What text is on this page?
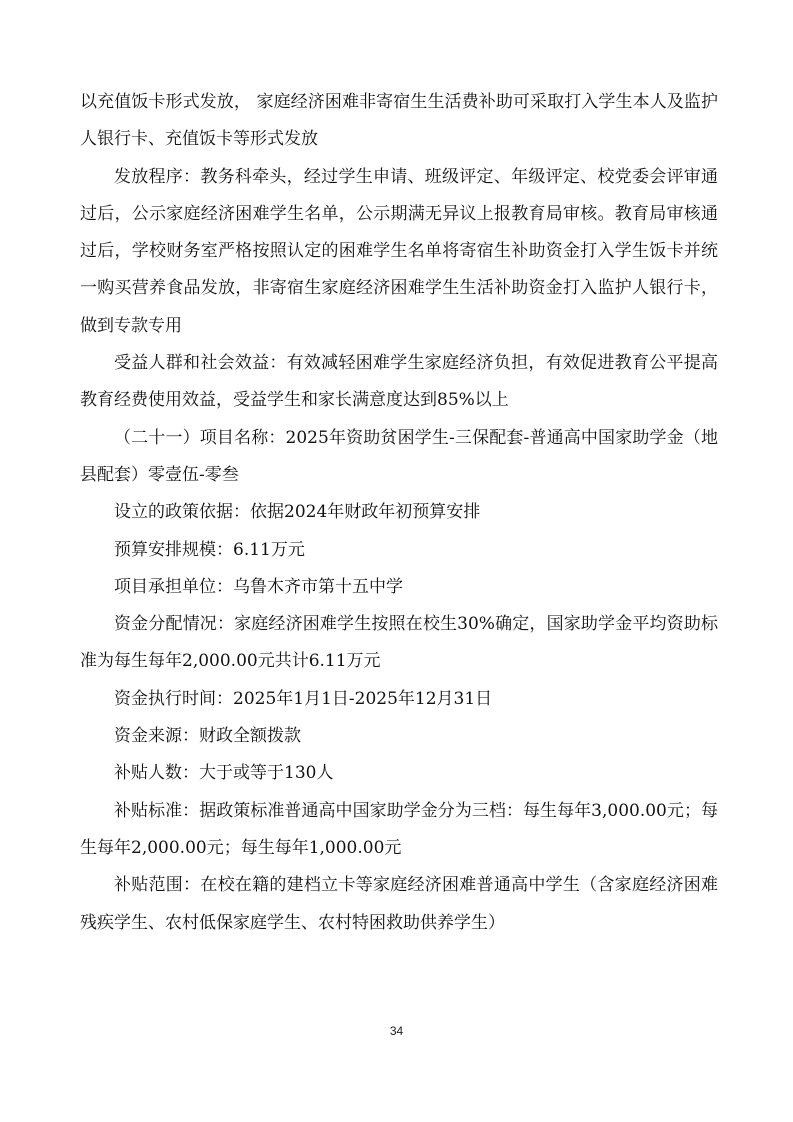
以充值饭卡形式发放， 家庭经济困难非寄宿生生活费补助可采取打入学生本人及监护人银行卡、充值饭卡等形式发放

发放程序：教务科牵头，经过学生申请、班级评定、年级评定、校党委会评审通过后，公示家庭经济困难学生名单，公示期满无异议上报教育局审核。教育局审核通过后，学校财务室严格按照认定的困难学生名单将寄宿生补助资金打入学生饭卡并统一购买营养食品发放，非寄宿生家庭经济困难学生生活补助资金打入监护人银行卡，做到专款专用

受益人群和社会效益：有效减轻困难学生家庭经济负担，有效促进教育公平提高教育经费使用效益，受益学生和家长满意度达到85%以上

（二十一）项目名称：2025年资助贫困学生-三保配套-普通高中国家助学金（地县配套）零壹伍-零叁

设立的政策依据：依据2024年财政年初预算安排

预算安排规模：6.11万元

项目承担单位：乌鲁木齐市第十五中学

资金分配情况：家庭经济困难学生按照在校生30%确定，国家助学金平均资助标准为每生每年2,000.00元共计6.11万元

资金执行时间：2025年1月1日-2025年12月31日

资金来源：财政全额拨款

补贴人数：大于或等于130人

补贴标准：据政策标准普通高中国家助学金分为三档：每生每年3,000.00元；每生每年2,000.00元；每生每年1,000.00元

补贴范围：在校在籍的建档立卡等家庭经济困难普通高中学生（含家庭经济困难残疾学生、农村低保家庭学生、农村特困救助供养学生）

34
